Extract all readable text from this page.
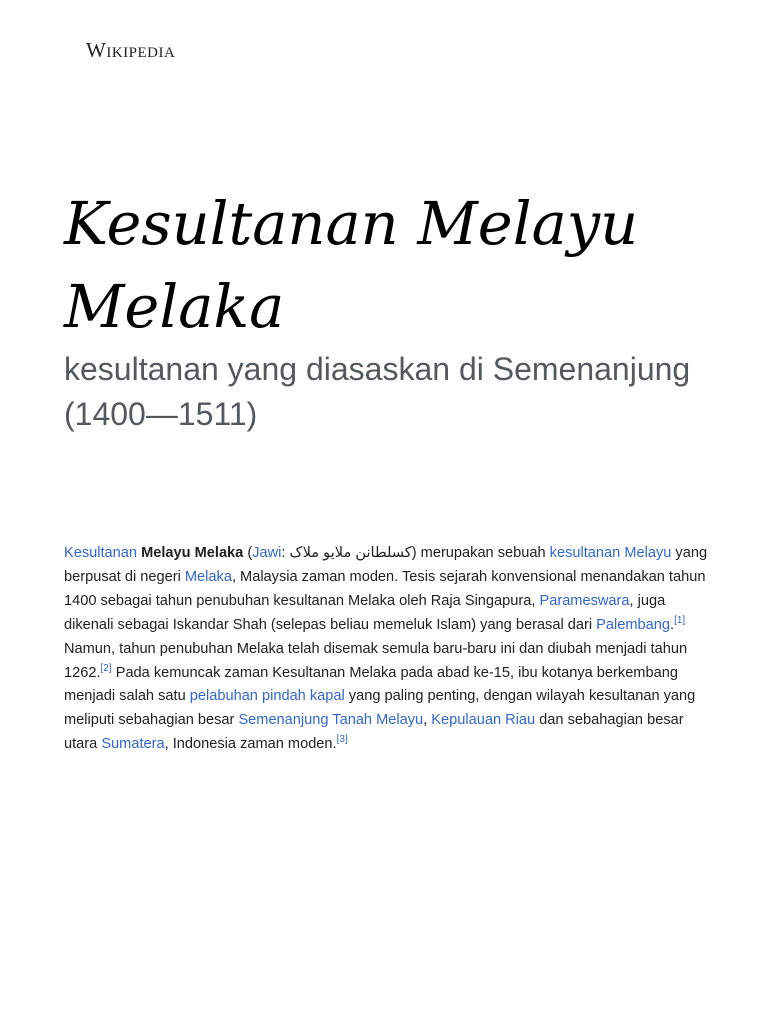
Wikipedia
Kesultanan Melayu Melaka

kesultanan yang diasaskan di Semenanjung (1400—1511)

Kesultanan Melayu Melaka (Jawi: كسلطانن ملايو ملاک) merupakan sebuah kesultanan Melayu yang berpusat di negeri Melaka, Malaysia zaman moden. Tesis sejarah konvensional menandakan tahun 1400 sebagai tahun penubuhan kesultanan Melaka oleh Raja Singapura, Parameswara, juga dikenali sebagai Iskandar Shah (selepas beliau memeluk Islam) yang berasal dari Palembang.[1] Namun, tahun penubuhan Melaka telah disemak semula baru-baru ini dan diubah menjadi tahun 1262.[2] Pada kemuncak zaman Kesultanan Melaka pada abad ke-15, ibu kotanya berkembang menjadi salah satu pelabuhan pindah kapal yang paling penting, dengan wilayah kesultanan yang meliputi sebahagian besar Semenanjung Tanah Melayu, Kepulauan Riau dan sebahagian besar utara Sumatera, Indonesia zaman moden.[3]
